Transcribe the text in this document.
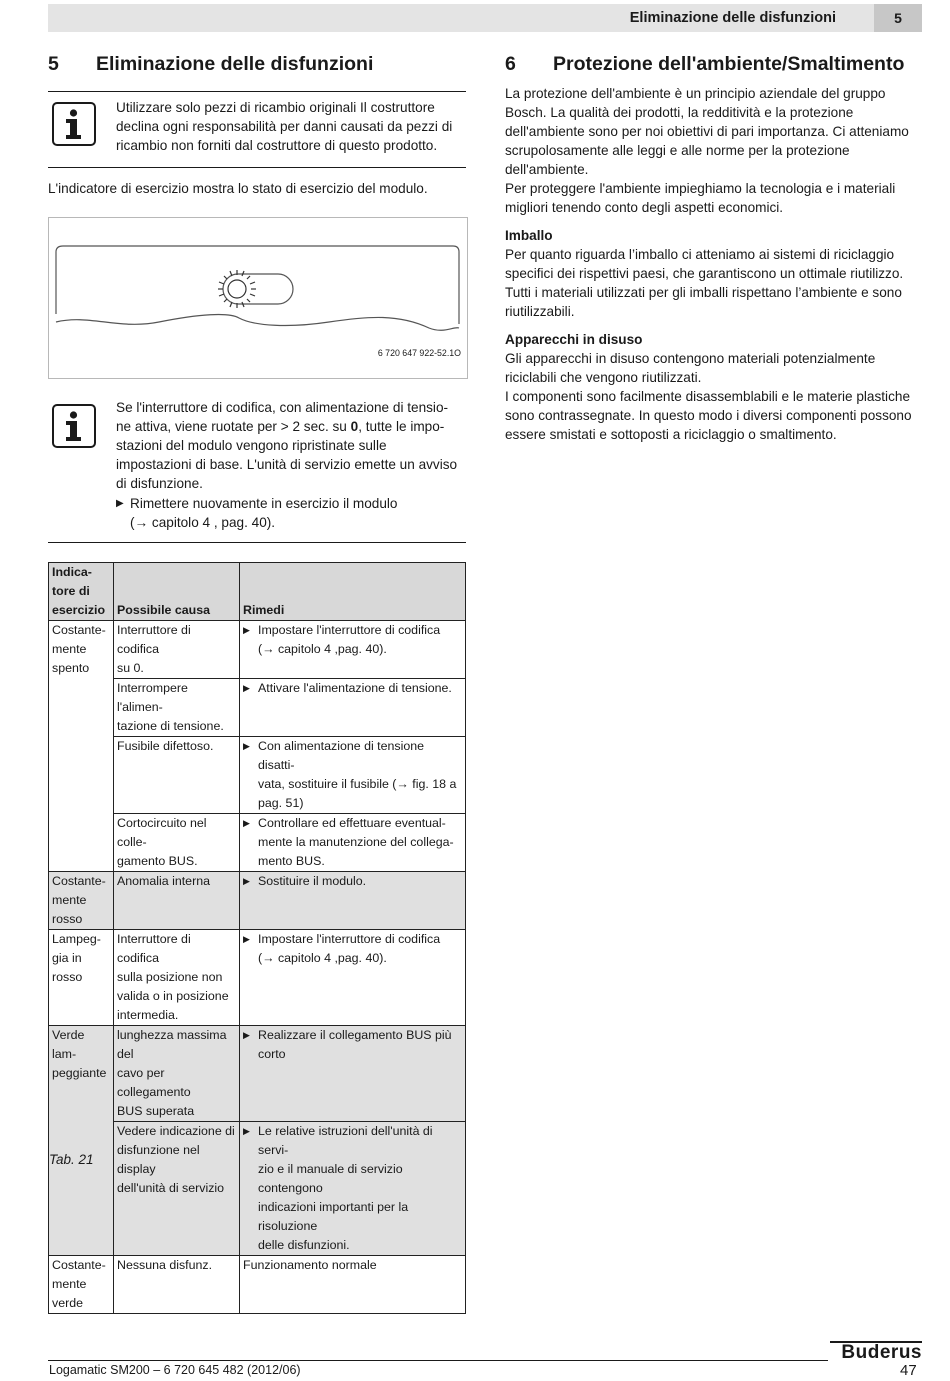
Eliminazione delle disfunzioni	5
5 Eliminazione delle disfunzioni

Utilizzare solo pezzi di ricambio originali Il costruttore declina ogni responsabilità per danni causati da pezzi di ricambio non forniti dal costruttore di questo prodotto.

L'indicatore di esercizio mostra lo stato di esercizio del modulo.
6 720 647 922-52.1O
Se l'interruttore di codifica, con alimentazione di tensio-
ne attiva, viene ruotate per > 2 sec. su 0, tutte le impo-
stazioni del modulo vengono ripristinate sulle
impostazioni di base. L'unità di servizio emette un avviso
di disfunzione.
▶ Rimettere nuovamente in esercizio il modulo
(→ capitolo 4 , pag. 40).
Indica-
tore di
esercizio	Possibile causa	Rimedi
Costante-
mente
spento	Interruttore di codifica
su 0.	▶ Impostare l'interruttore di codifica
(→ capitolo 4 ,pag. 40).

	Interrompere l'alimen-
tazione di tensione.	▶ Attivare l'alimentazione di tensione.

	Fusibile difettoso.	▶ Con alimentazione di tensione disatti-
vata, sostituire il fusibile (→ fig. 18 a
pag. 51)

	Cortocircuito nel colle-
gamento BUS.	▶ Controllare ed effettuare eventual-
mente la manutenzione del collega-
mento BUS.

Costante-
mente
rosso	Anomalia interna	▶ Sostituire il modulo.

Lampeg-
gia in
rosso	Interruttore di codifica
sulla posizione non
valida o in posizione
intermedia.	▶ Impostare l'interruttore di codifica
(→ capitolo 4 ,pag. 40).

Verde lam-
peggiante	lunghezza massima del
cavo per collegamento
BUS superata	▶ Realizzare il collegamento BUS più
corto

	Vedere indicazione di
disfunzione nel display
dell'unità di servizio	▶ Le relative istruzioni dell'unità di servi-
zio e il manuale di servizio contengono
indicazioni importanti per la risoluzione
delle disfunzioni.

Costante-
mente
verde	Nessuna disfunz.	Funzionamento normale
Tab. 21
6 Protezione dell'ambiente/Smaltimento

La protezione dell'ambiente è un principio aziendale del gruppo Bosch. La qualità dei prodotti, la redditività e la protezione dell'ambiente sono per noi obiettivi di pari importanza. Ci atteniamo scrupolosamente alle leggi e alle norme per la protezione dell'ambiente.

Per proteggere l'ambiente impieghiamo la tecnologia e i materiali migliori tenendo conto degli aspetti economici.

Imballo

Per quanto riguarda l’imballo ci atteniamo ai sistemi di riciclaggio specifici dei rispettivi paesi, che garantiscono un ottimale riutilizzo.

Tutti i materiali utilizzati per gli imballi rispettano l’ambiente e sono riutilizzabili.

Apparecchi in disuso

Gli apparecchi in disuso contengono materiali potenzialmente riciclabili che vengono riutilizzati.

I componenti sono facilmente disassemblabili e le materie plastiche sono contrassegnate. In questo modo i diversi componenti possono essere smistati e sottoposti a riciclaggio o smaltimento.

Logamatic SM200 – 6 720 645 482 (2012/06)
Buderus
47
